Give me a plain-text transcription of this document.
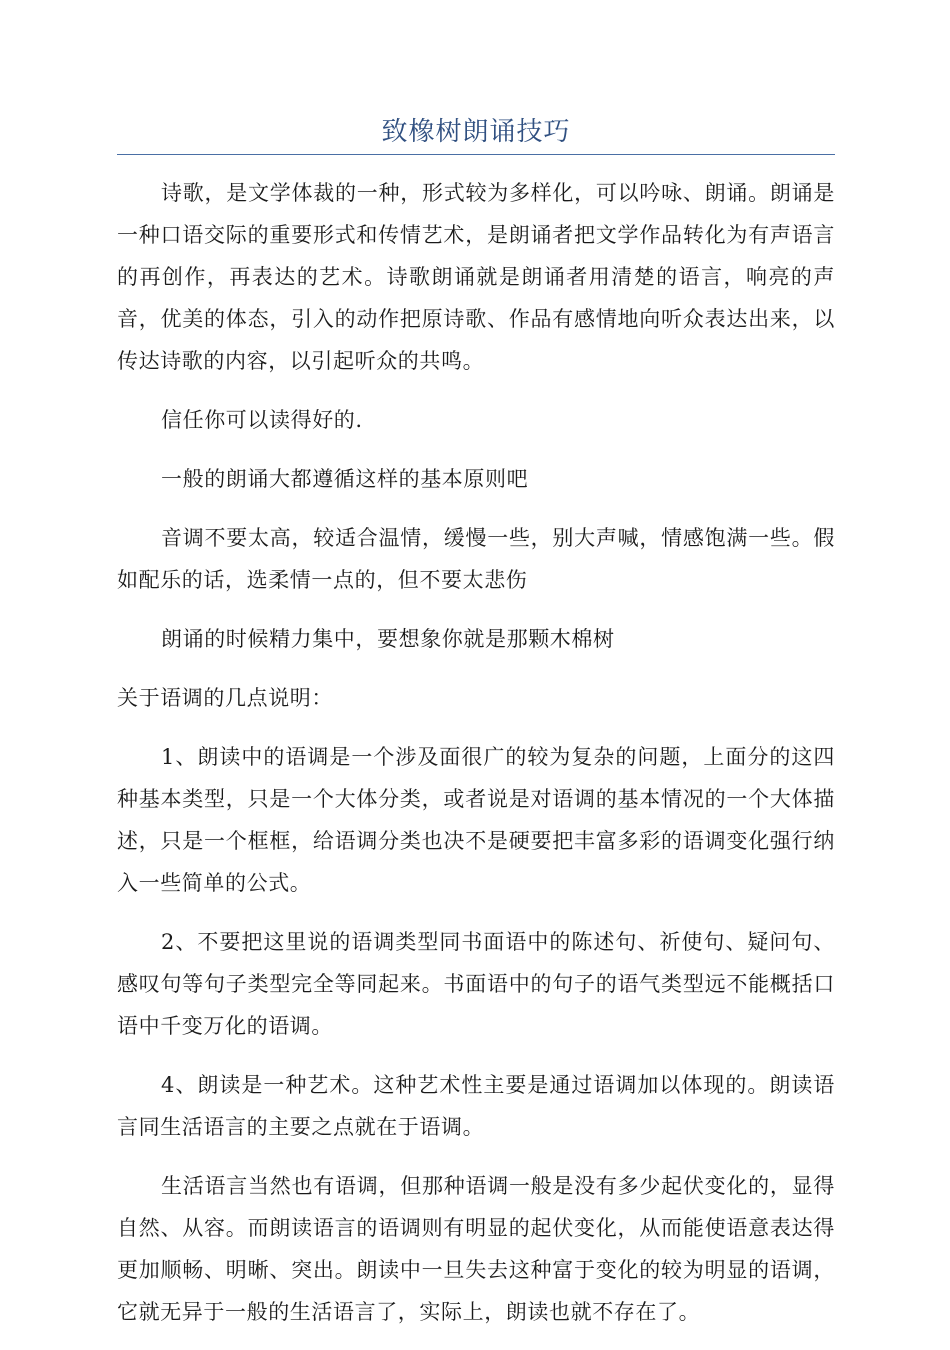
致橡树朗诵技巧

诗歌，是文学体裁的一种，形式较为多样化，可以吟咏、朗诵。朗诵是一种口语交际的重要形式和传情艺术，是朗诵者把文学作品转化为有声语言的再创作，再表达的艺术。诗歌朗诵就是朗诵者用清楚的语言，响亮的声音，优美的体态，引入的动作把原诗歌、作品有感情地向听众表达出来，以传达诗歌的内容，以引起听众的共鸣。

信任你可以读得好的.

一般的朗诵大都遵循这样的基本原则吧

音调不要太高，较适合温情，缓慢一些，别大声喊，情感饱满一些。假如配乐的话，选柔情一点的，但不要太悲伤

朗诵的时候精力集中，要想象你就是那颗木棉树

关于语调的几点说明：

1、朗读中的语调是一个涉及面很广的较为复杂的问题，上面分的这四种基本类型，只是一个大体分类，或者说是对语调的基本情况的一个大体描述，只是一个框框，给语调分类也决不是硬要把丰富多彩的语调变化强行纳入一些简单的公式。

2、不要把这里说的语调类型同书面语中的陈述句、祈使句、疑问句、感叹句等句子类型完全等同起来。书面语中的句子的语气类型远不能概括口语中千变万化的语调。

4、朗读是一种艺术。这种艺术性主要是通过语调加以体现的。朗读语言同生活语言的主要之点就在于语调。

生活语言当然也有语调，但那种语调一般是没有多少起伏变化的，显得自然、从容。而朗读语言的语调则有明显的起伏变化，从而能使语意表达得更加顺畅、明晰、突出。朗读中一旦失去这种富于变化的较为明显的语调，它就无异于一般的生活语言了，实际上，朗读也就不存在了。
